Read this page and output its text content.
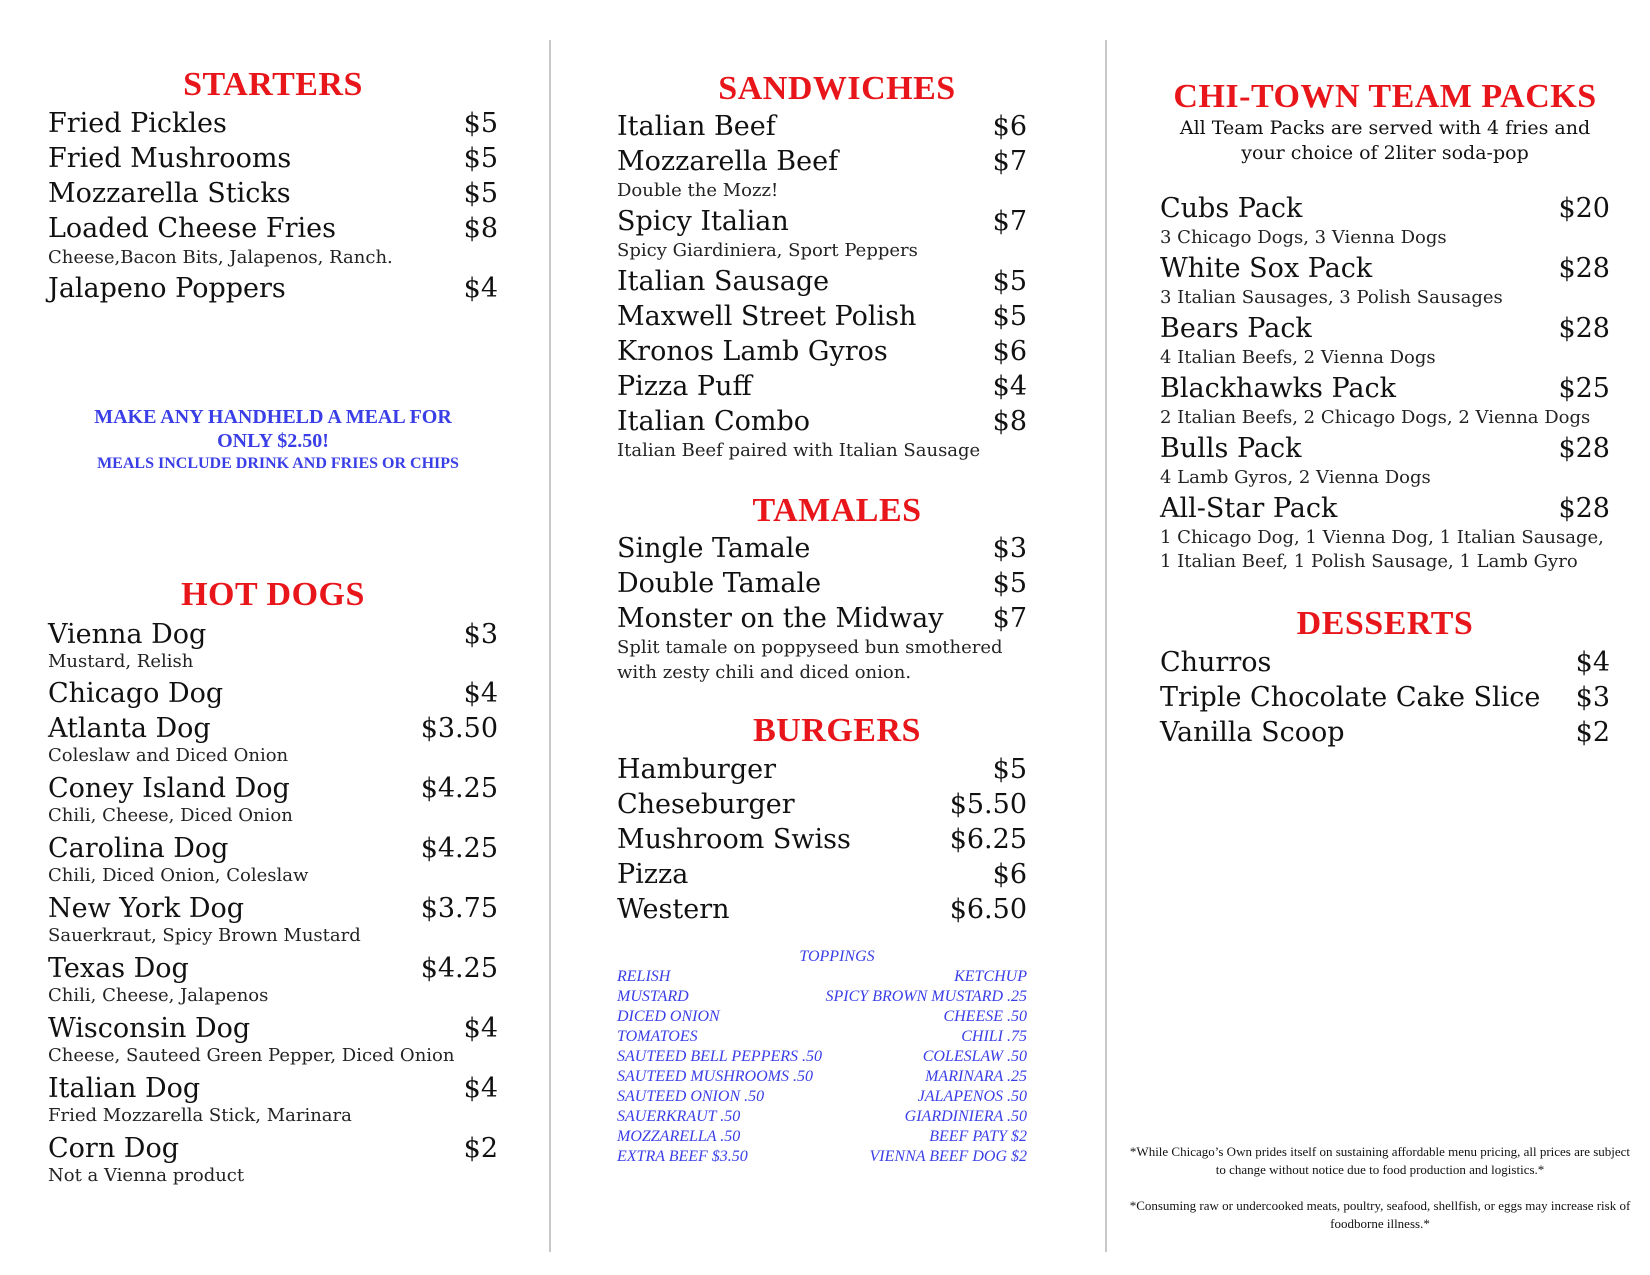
STARTERS
Fried Pickles	$5
Fried Mushrooms	$5
Mozzarella Sticks	$5
Loaded Cheese Fries	$8
Cheese,Bacon Bits, Jalapenos, Ranch.
Jalapeno Poppers	$4
MAKE ANY HANDHELD A MEAL FOR
ONLY $2.50!
MEALS INCLUDE DRINK AND FRIES OR CHIPS
HOT DOGS
Vienna Dog	$3
Mustard, Relish
Chicago Dog	$4
Atlanta Dog	$3.50
Coleslaw and Diced Onion
Coney Island Dog	$4.25
Chili, Cheese, Diced Onion
Carolina Dog	$4.25
Chili, Diced Onion, Coleslaw
New York Dog	$3.75
Sauerkraut, Spicy Brown Mustard
Texas Dog	$4.25
Chili, Cheese, Jalapenos
Wisconsin Dog	$4
Cheese, Sauteed Green Pepper, Diced Onion
Italian Dog	$4
Fried Mozzarella Stick, Marinara
Corn Dog	$2
Not a Vienna product
SANDWICHES
Italian Beef	$6
Mozzarella Beef	$7
Double the Mozz!
Spicy Italian	$7
Spicy Giardiniera, Sport Peppers
Italian Sausage	$5
Maxwell Street Polish	$5
Kronos Lamb Gyros	$6
Pizza Puff	$4
Italian Combo	$8
Italian Beef paired with Italian Sausage
TAMALES
Single Tamale	$3
Double Tamale	$5
Monster on the Midway	$7
Split tamale on poppyseed bun smothered
with zesty chili and diced onion.
BURGERS
Hamburger	$5
Cheseburger	$5.50
Mushroom Swiss	$6.25
Pizza	$6
Western	$6.50
TOPPINGS
RELISH
MUSTARD
DICED ONION
TOMATOES
SAUTEED BELL PEPPERS .50
SAUTEED MUSHROOMS .50
SAUTEED ONION .50
SAUERKRAUT .50
MOZZARELLA .50
EXTRA BEEF $3.50
KETCHUP
SPICY BROWN MUSTARD .25
CHEESE .50
CHILI .75
COLESLAW .50
MARINARA .25
JALAPENOS .50
GIARDINIERA .50
BEEF PATY $2
VIENNA BEEF DOG $2
CHI-TOWN TEAM PACKS
All Team Packs are served with 4 fries and
your choice of 2liter soda-pop
Cubs Pack	$20
3 Chicago Dogs, 3 Vienna Dogs
White Sox Pack	$28
3 Italian Sausages, 3 Polish Sausages
Bears Pack	$28
4 Italian Beefs, 2 Vienna Dogs
Blackhawks Pack	$25
2 Italian Beefs, 2 Chicago Dogs, 2 Vienna Dogs
Bulls Pack	$28
4 Lamb Gyros, 2 Vienna Dogs
All-Star Pack	$28
1 Chicago Dog, 1 Vienna Dog, 1 Italian Sausage,
1 Italian Beef, 1 Polish Sausage, 1 Lamb Gyro
DESSERTS
Churros	$4
Triple Chocolate Cake Slice	$3
Vanilla Scoop	$2
*While Chicago’s Own prides itself on sustaining affordable menu pricing, all prices are subject to change without notice due to food production and logistics.*
*Consuming raw or undercooked meats, poultry, seafood, shellfish, or eggs may increase risk of foodborne illness.*
